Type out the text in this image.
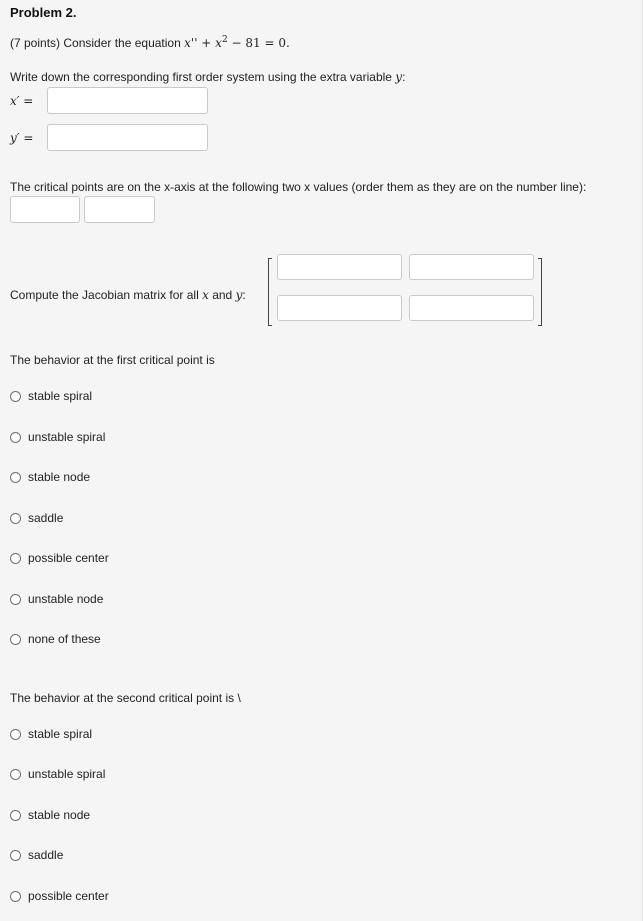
Problem 2.
(7 points) Consider the equation $x'' + x^2 - 81 = 0$.
Write down the corresponding first order system using the extra variable y:
x′ =
y′ =
The critical points are on the x-axis at the following two x values (order them as they are on the number line):
Compute the Jacobian matrix for all x and y:
The behavior at the first critical point is
stable spiral
unstable spiral
stable node
saddle
possible center
unstable node
none of these
The behavior at the second critical point is \
stable spiral
unstable spiral
stable node
saddle
possible center
